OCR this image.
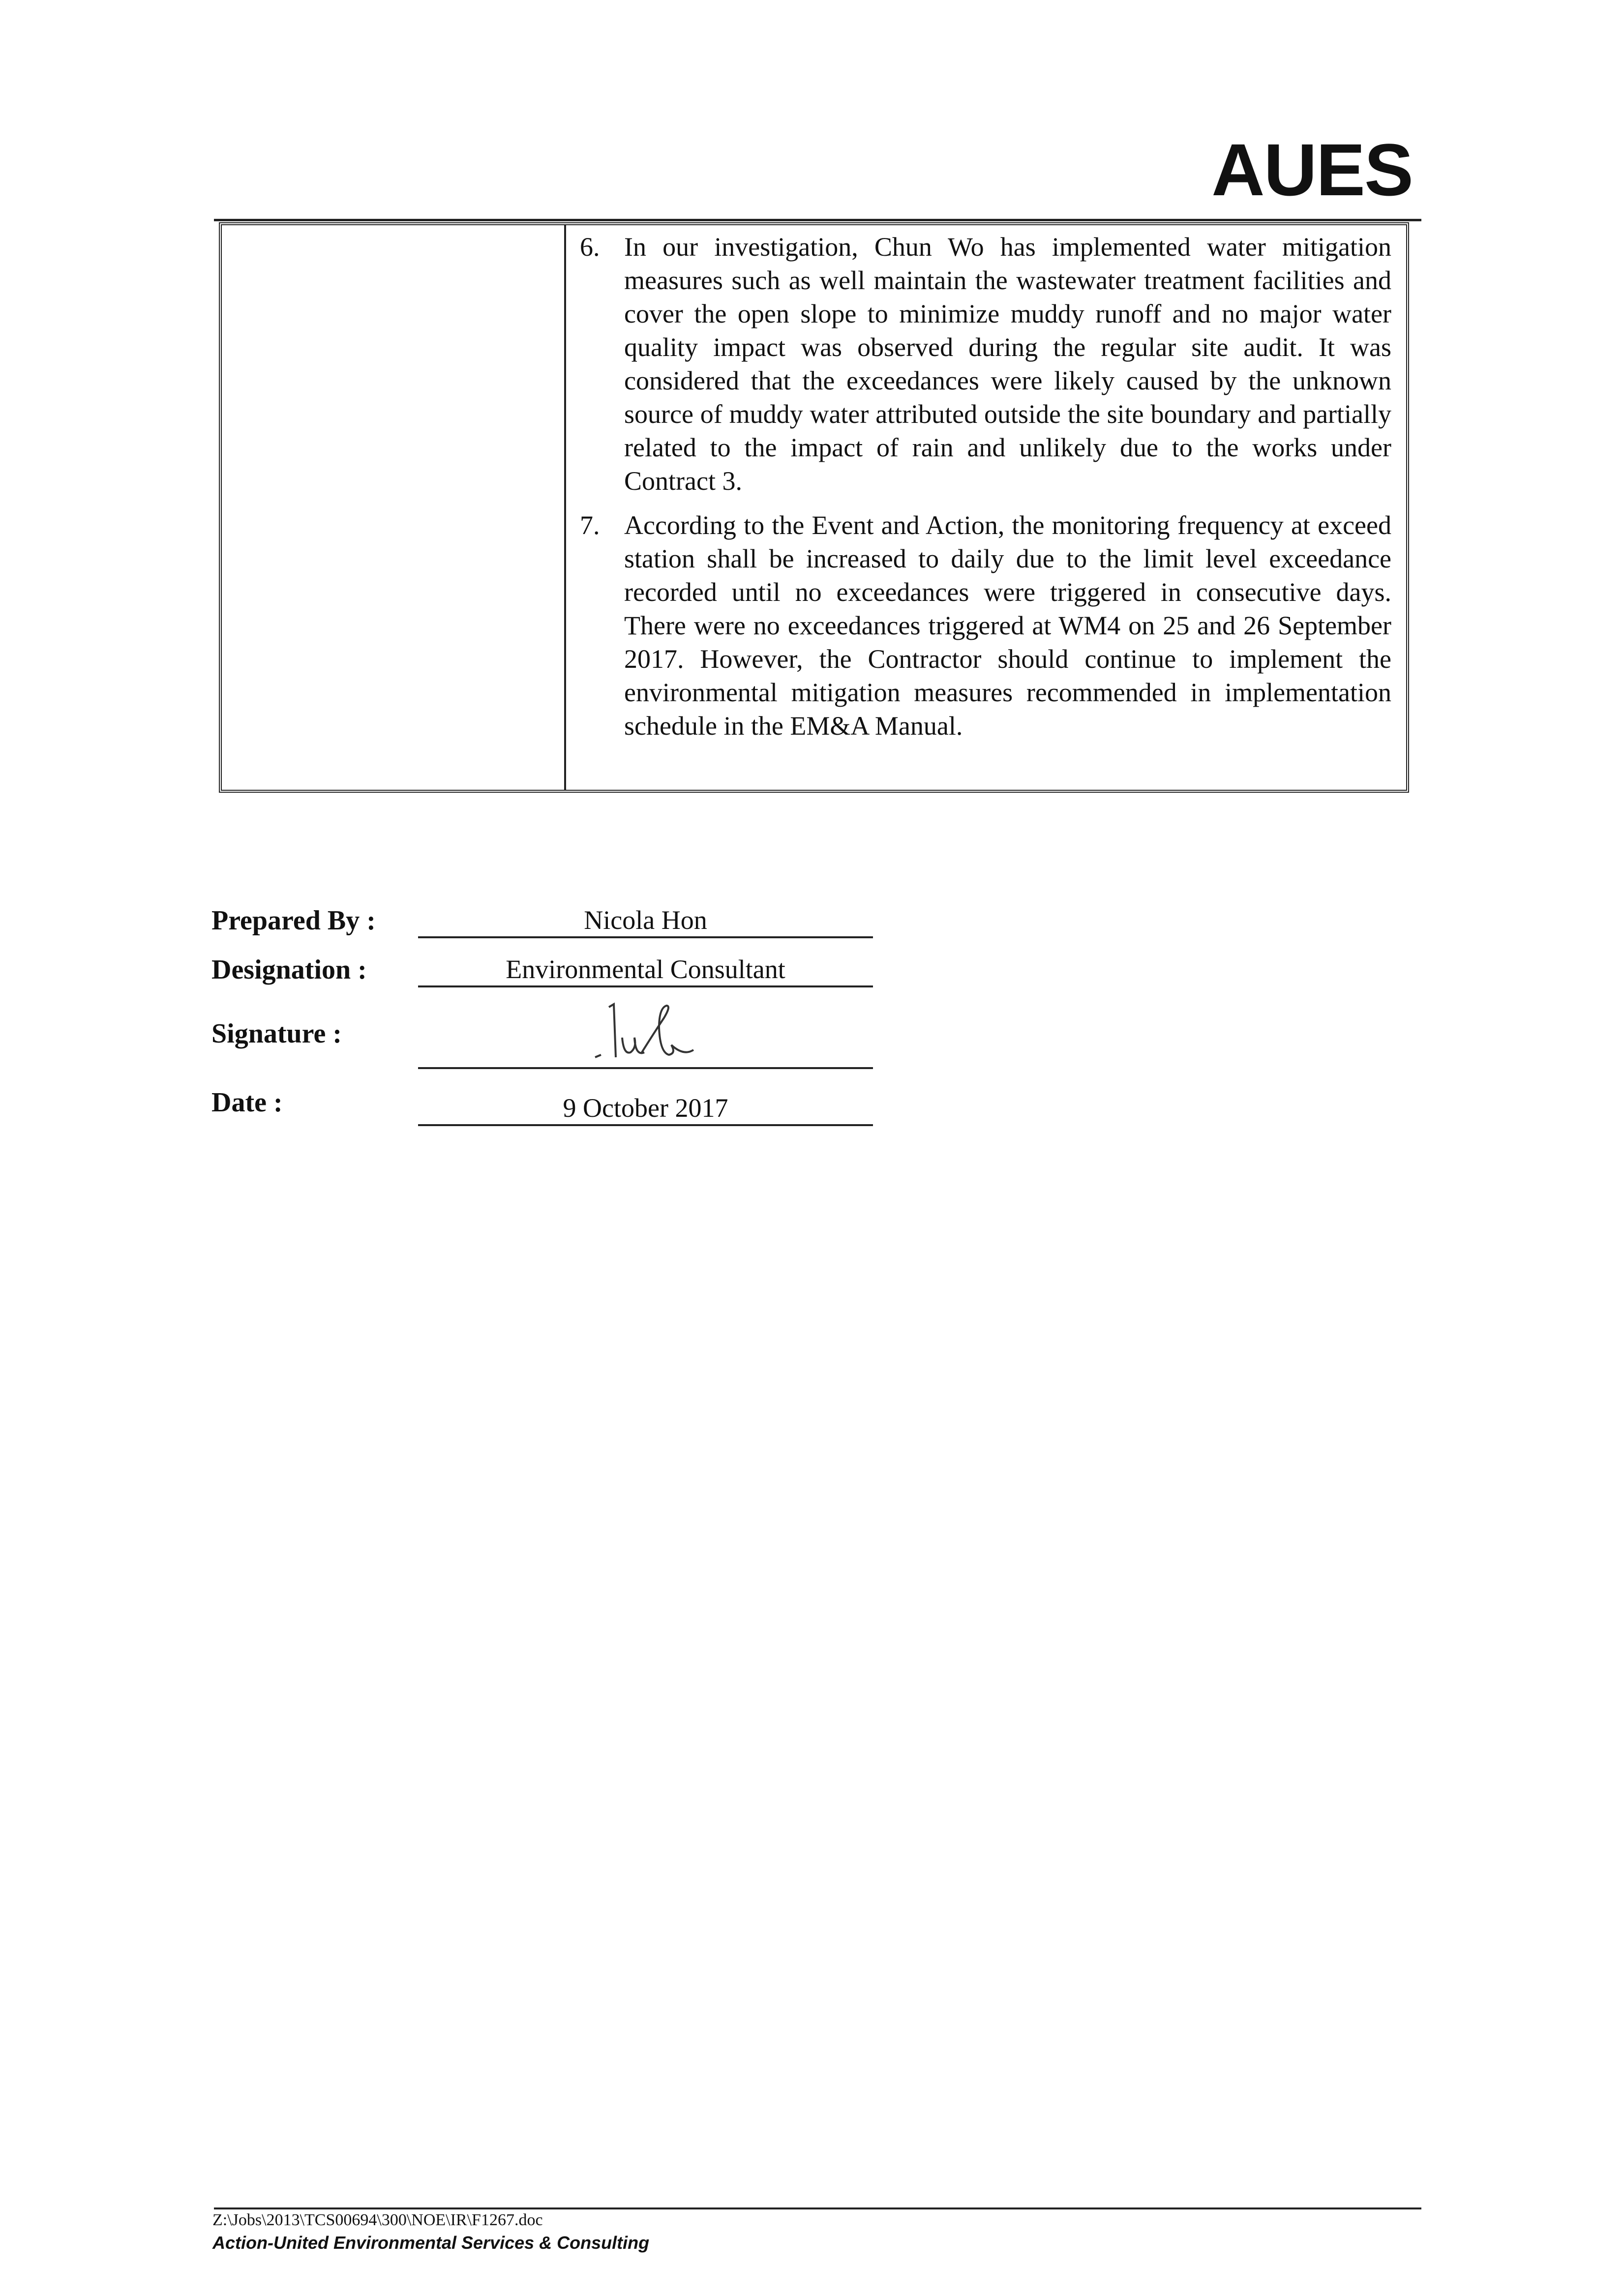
AUES
6. In our investigation, Chun Wo has implemented water mitigation measures such as well maintain the wastewater treatment facilities and cover the open slope to minimize muddy runoff and no major water quality impact was observed during the regular site audit. It was considered that the exceedances were likely caused by the unknown source of muddy water attributed outside the site boundary and partially related to the impact of rain and unlikely due to the works under Contract 3.
7. According to the Event and Action, the monitoring frequency at exceed station shall be increased to daily due to the limit level exceedance recorded until no exceedances were triggered in consecutive days. There were no exceedances triggered at WM4 on 25 and 26 September 2017. However, the Contractor should continue to implement the environmental mitigation measures recommended in implementation schedule in the EM&A Manual.
Prepared By :	Nicola Hon
Designation :	Environmental Consultant
Signature :
Date :	9 October 2017
Z:\Jobs\2013\TCS00694\300\NOE\IR\F1267.doc
Action-United Environmental Services & Consulting
